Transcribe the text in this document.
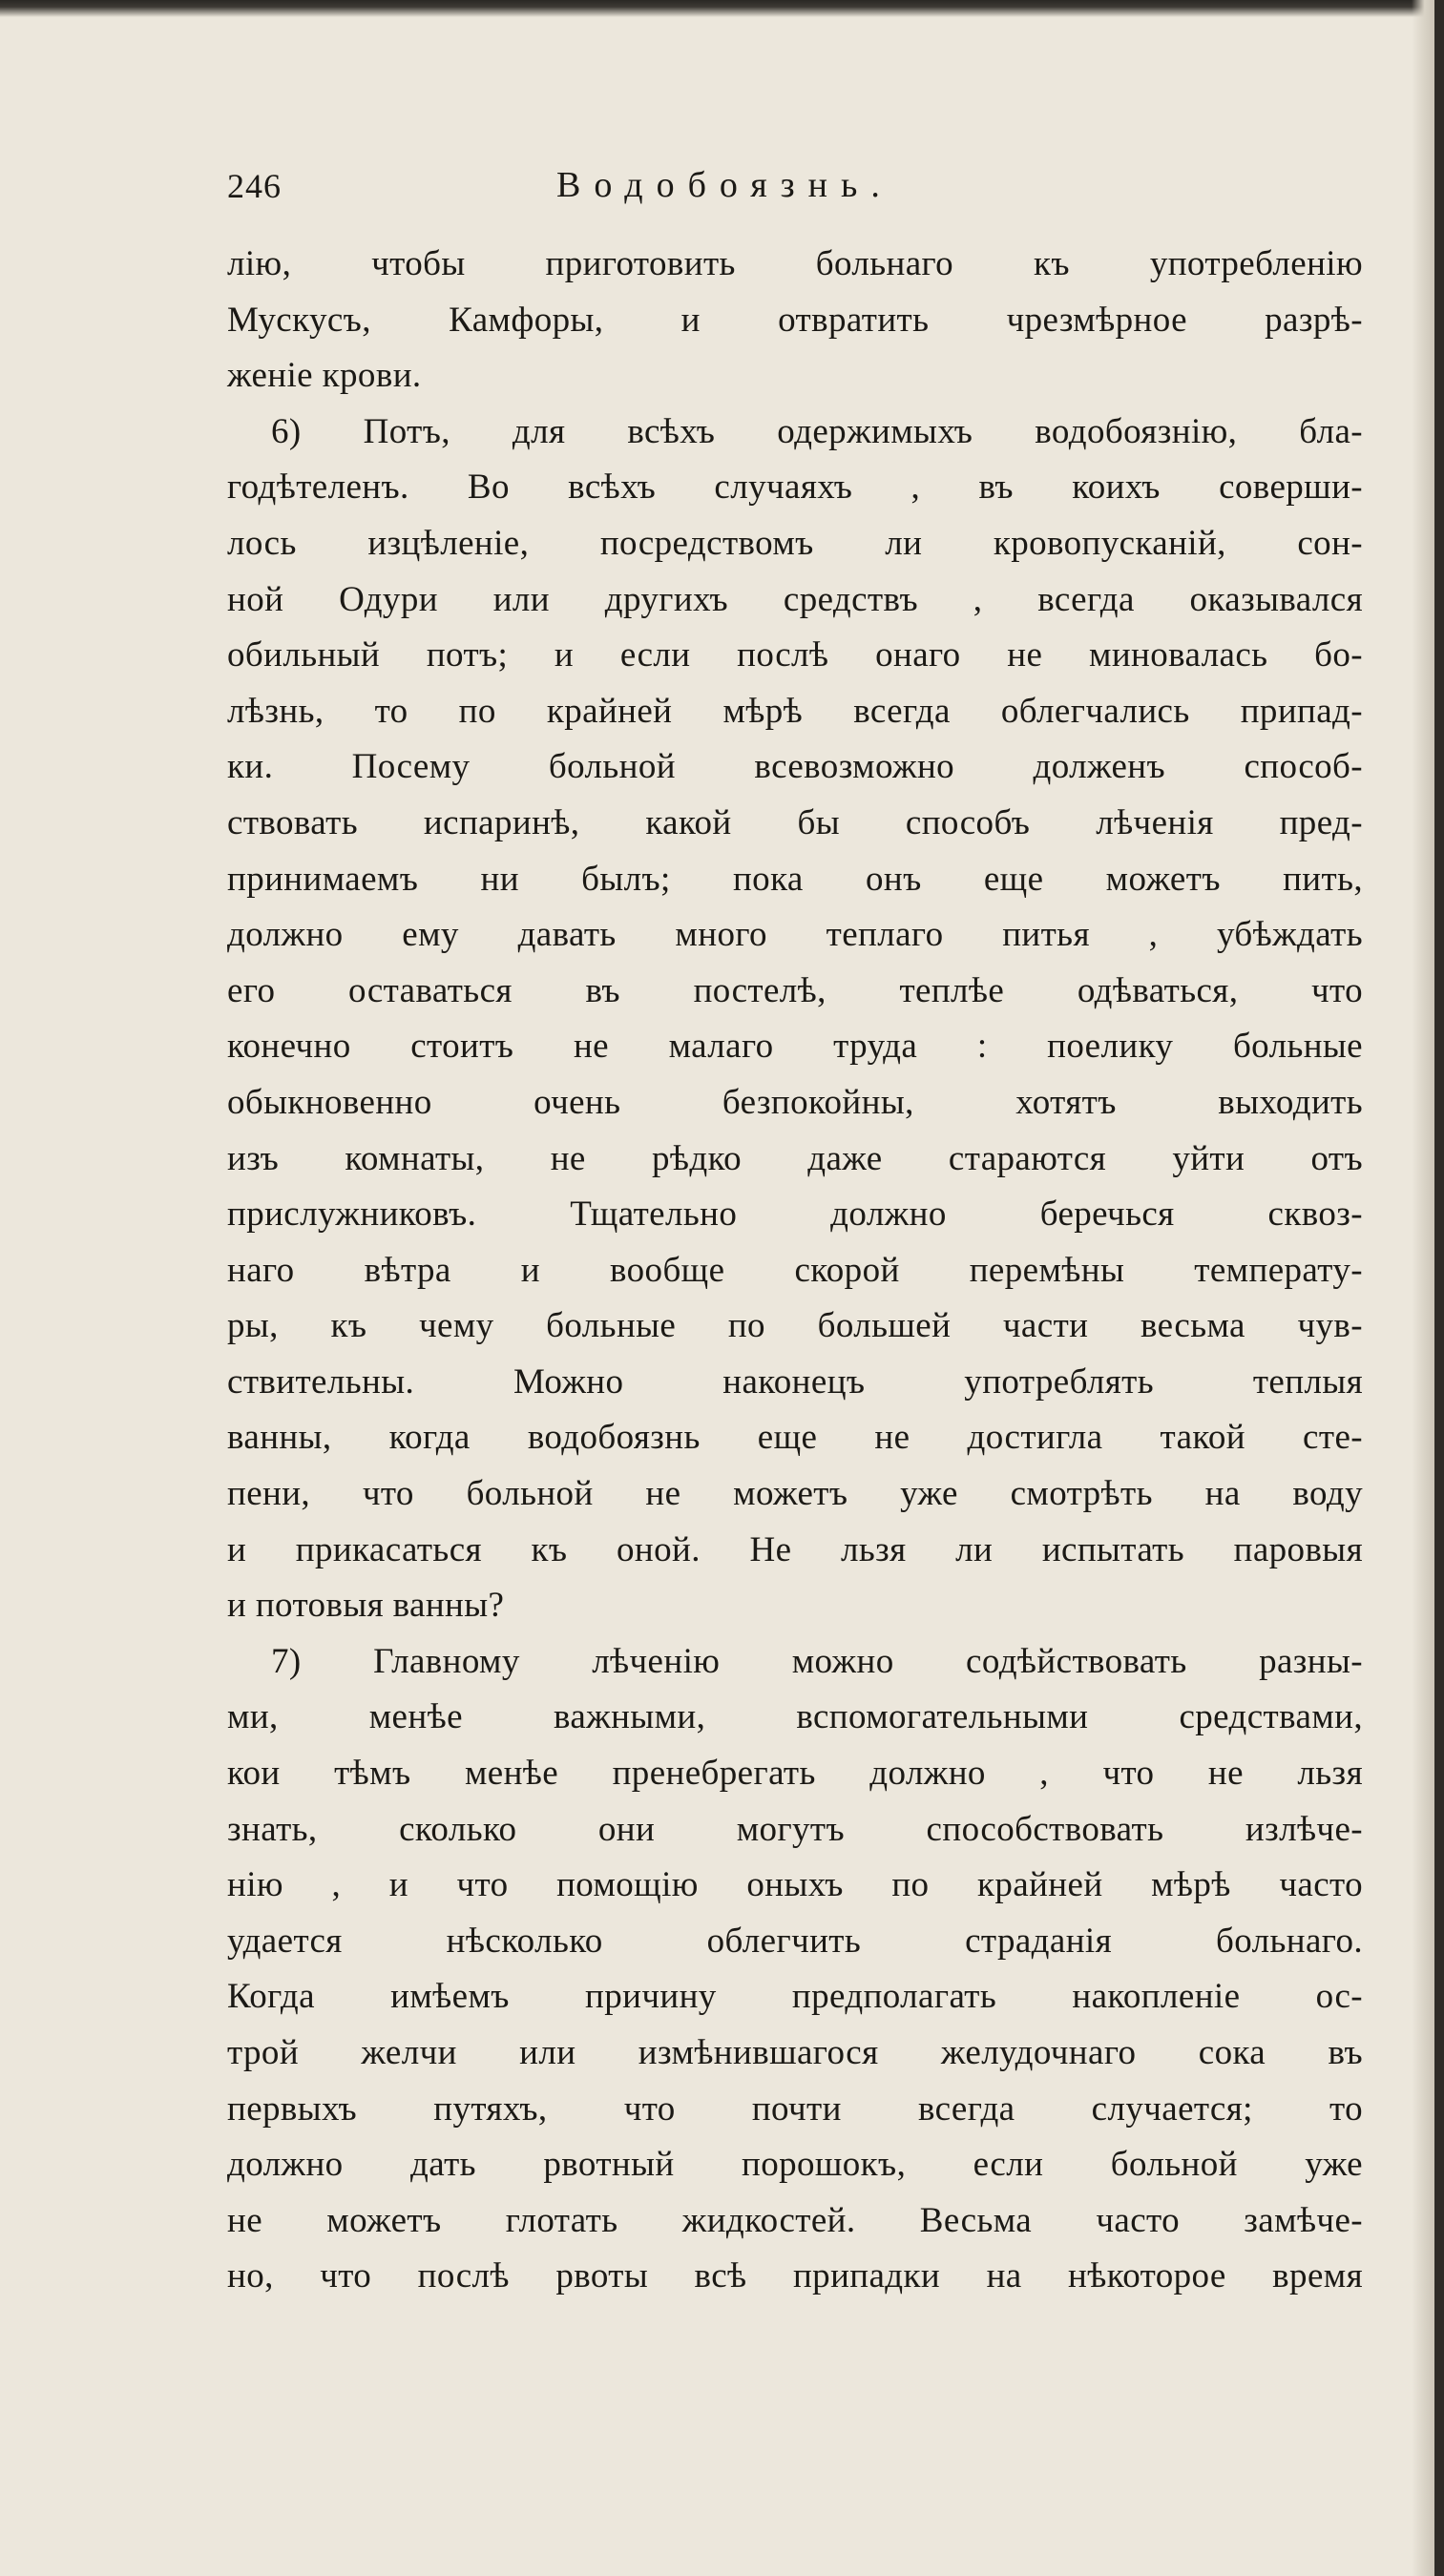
246	Водобоязнь.
лію, чтобы приготовить больнаго къ употребленію
Мускусъ, Камфоры, и отвратить чрезмѣрное разрѣ-
женіе крови.
6) Потъ, для всѣхъ одержимыхъ водобоязнію, бла-
годѣтеленъ. Во всѣхъ случаяхъ , въ коихъ соверши-
лось изцѣленіе, посредствомъ ли кровопусканій, сон-
ной Одури или другихъ средствъ , всегда оказывался
обильный потъ; и если послѣ онаго не миновалась бо-
лѣзнь, то по крайней мѣрѣ всегда облегчались припад-
ки. Посему больной всевозможно долженъ способ-
ствовать испаринѣ, какой бы способъ лѣченія пред-
принимаемъ ни былъ; пока онъ еще можетъ пить,
должно ему давать много теплаго питья , убѣждать
его оставаться въ постелѣ, теплѣе одѣваться, что
конечно стоитъ не малаго труда : поелику больные
обыкновенно очень безпокойны, хотятъ выходить
изъ комнаты, не рѣдко даже стараются уйти отъ
прислужниковъ. Тщательно должно беречься сквоз-
наго вѣтра и вообще скорой перемѣны температу-
ры, къ чему больные по большей части весьма чув-
ствительны. Можно наконецъ употреблять теплыя
ванны, когда водобоязнь еще не достигла такой сте-
пени, что больной не можетъ уже смотрѣть на воду
и прикасаться къ оной. Не льзя ли испытать паровыя
и потовыя ванны?
7) Главному лѣченію можно содѣйствовать разны-
ми, менѣе важными, вспомогательными средствами,
кои тѣмъ менѣе пренебрегать должно , что не льзя
знать, сколько они могутъ способствовать излѣче-
нію , и что помощію оныхъ по крайней мѣрѣ часто
удается нѣсколько облегчить страданія больнаго.
Когда имѣемъ причину предполагать накопленіе ос-
трой желчи или измѣнившагося желудочнаго сока въ
первыхъ путяхъ, что почти всегда случается; то
должно дать рвотный порошокъ, если больной уже
не можетъ глотать жидкостей. Весьма часто замѣче-
но, что послѣ рвоты всѣ припадки на нѣкоторое время
